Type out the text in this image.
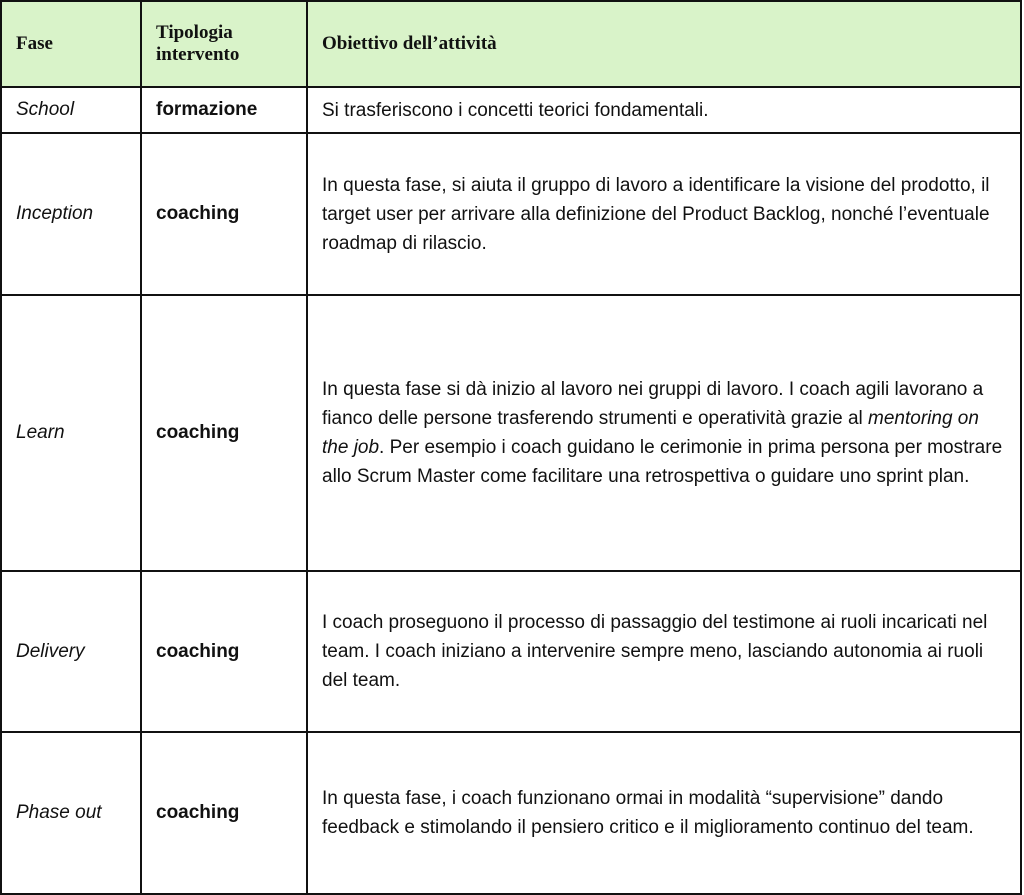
Fase	Tipologia intervento	Obiettivo dell’attività
School	formazione	Si trasferiscono i concetti teorici fondamentali.
Inception	coaching	In questa fase, si aiuta il gruppo di lavoro a identificare la visione del prodotto, il target user per arrivare alla definizione del Product Backlog, nonché l’eventuale roadmap di rilascio.
Learn	coaching	In questa fase si dà inizio al lavoro nei gruppi di lavoro. I coach agili lavorano a fianco delle persone trasferendo strumenti e operatività grazie al mentoring on the job. Per esempio i coach guidano le cerimonie in prima persona per mostrare allo Scrum Master come facilitare una retrospettiva o guidare uno sprint plan.
Delivery	coaching	I coach proseguono il processo di passaggio del testimone ai ruoli incaricati nel team. I coach iniziano a intervenire sempre meno, lasciando autonomia ai ruoli del team.
Phase out	coaching	In questa fase, i coach funzionano ormai in modalità “supervisione” dando feedback e stimolando il pensiero critico e il miglioramento continuo del team.
